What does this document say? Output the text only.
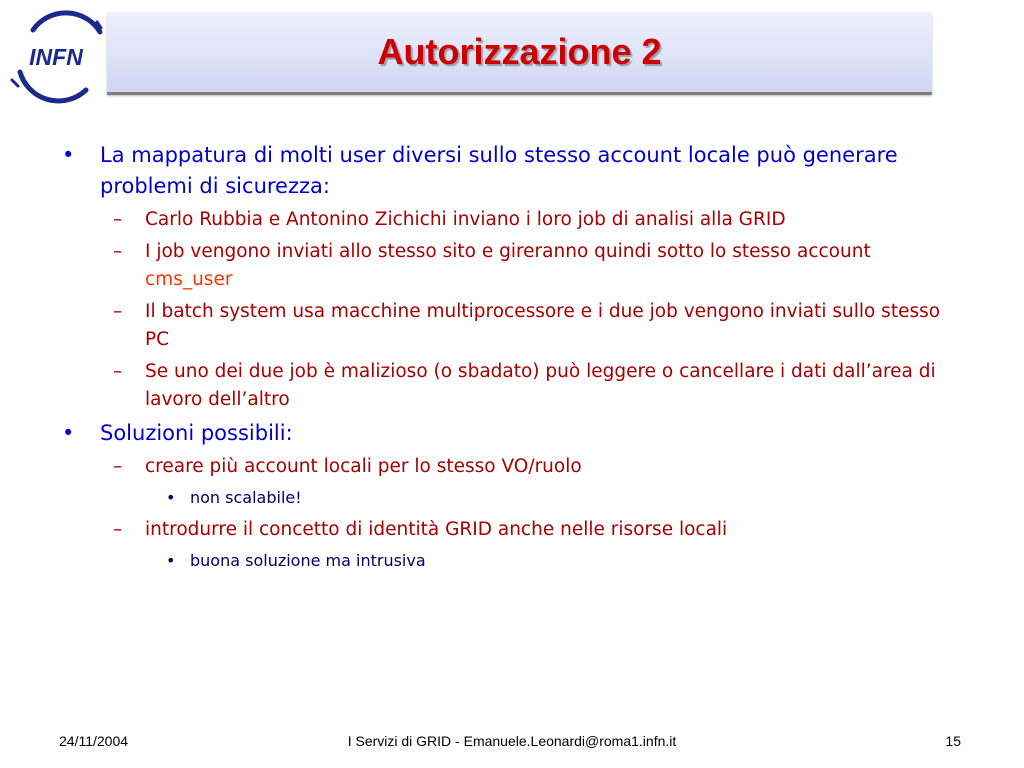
INFN	Autorizzazione 2
• La mappatura di molti user diversi sullo stesso account locale può generare problemi di sicurezza:
– Carlo Rubbia e Antonino Zichichi inviano i loro job di analisi alla GRID
– I job vengono inviati allo stesso sito e gireranno quindi sotto lo stesso account cms_user
– Il batch system usa macchine multiprocessore e i due job vengono inviati sullo stesso PC
– Se uno dei due job è malizioso (o sbadato) può leggere o cancellare i dati dall’area di lavoro dell’altro
• Soluzioni possibili:
– creare più account locali per lo stesso VO/ruolo
• non scalabile!
– introdurre il concetto di identità GRID anche nelle risorse locali
• buona soluzione ma intrusiva
24/11/2004	I Servizi di GRID - Emanuele.Leonardi@roma1.infn.it	15
